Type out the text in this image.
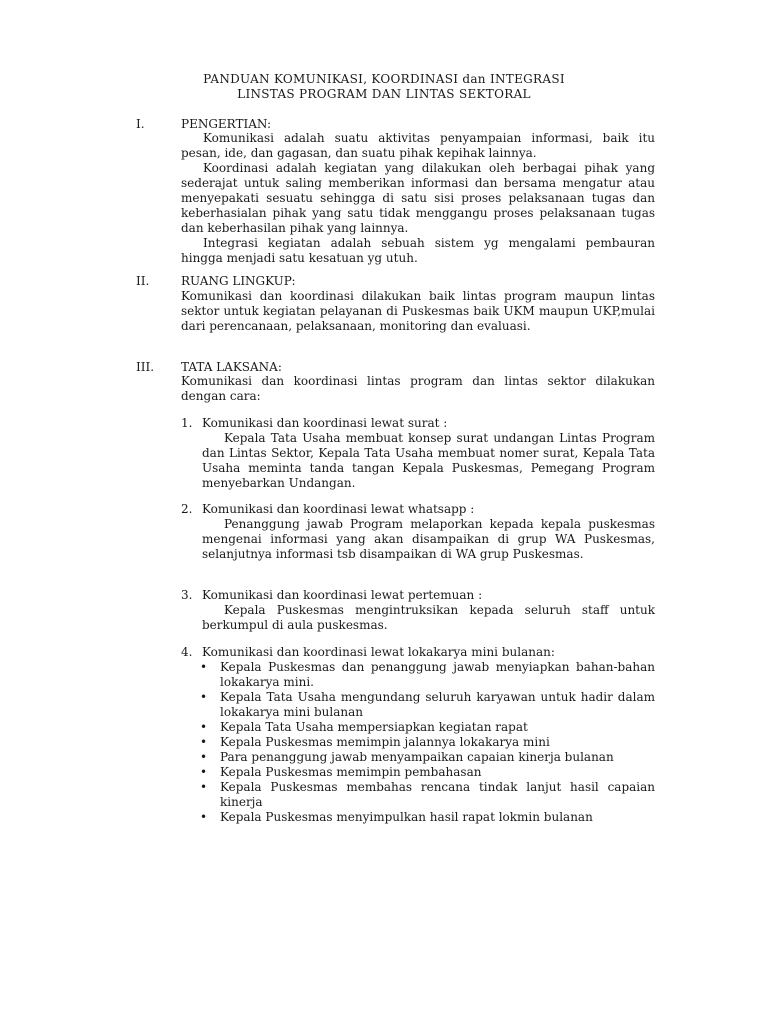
PANDUAN KOMUNIKASI, KOORDINASI dan INTEGRASI
LINSTAS PROGRAM DAN LINTAS SEKTORAL
I.	PENGERTIAN:

Komunikasi adalah suatu aktivitas penyampaian informasi, baik itu pesan, ide, dan gagasan, dan suatu pihak kepihak lainnya.

Koordinasi adalah kegiatan yang dilakukan oleh berbagai pihak yang sederajat untuk saling memberikan informasi dan bersama mengatur atau menyepakati sesuatu sehingga di satu sisi proses pelaksanaan tugas dan keberhasialan pihak yang satu tidak menggangu proses pelaksanaan tugas dan keberhasilan pihak yang lainnya.

Integrasi kegiatan adalah sebuah sistem yg mengalami pembauran hingga menjadi satu kesatuan yg utuh.

II.	RUANG LINGKUP:

Komunikasi dan koordinasi dilakukan baik lintas program maupun lintas sektor untuk kegiatan pelayanan di Puskesmas baik UKM maupun UKP,mulai dari perencanaan, pelaksanaan, monitoring dan evaluasi.

III. TATA LAKSANA:
Komunikasi dan koordinasi lintas program dan lintas sektor dilakukan dengan cara:
1. Komunikasi dan koordinasi lewat surat :

Kepala Tata Usaha membuat konsep surat undangan Lintas Program dan Lintas Sektor, Kepala Tata Usaha membuat nomer surat, Kepala Tata Usaha meminta tanda tangan Kepala Puskesmas, Pemegang Program menyebarkan Undangan.

2. Komunikasi dan koordinasi lewat whatsapp :

Penanggung jawab Program melaporkan kepada kepala puskesmas mengenai informasi yang akan disampaikan di grup WA Puskesmas, selanjutnya informasi tsb disampaikan di WA grup Puskesmas.

3. Komunikasi dan koordinasi lewat pertemuan :

Kepala Puskesmas mengintruksikan kepada seluruh staff untuk berkumpul di aula puskesmas.

4. Komunikasi dan koordinasi lewat lokakarya mini bulanan:
• Kepala Puskesmas dan penanggung jawab menyiapkan bahan-bahan lokakarya mini.
• Kepala Tata Usaha mengundang seluruh karyawan untuk hadir dalam lokakarya mini bulanan
• Kepala Tata Usaha mempersiapkan kegiatan rapat
• Kepala Puskesmas memimpin jalannya lokakarya mini
• Para penanggung jawab menyampaikan capaian kinerja bulanan
• Kepala Puskesmas memimpin pembahasan
• Kepala Puskesmas membahas rencana tindak lanjut hasil capaian kinerja
• Kepala Puskesmas menyimpulkan hasil rapat lokmin bulanan
